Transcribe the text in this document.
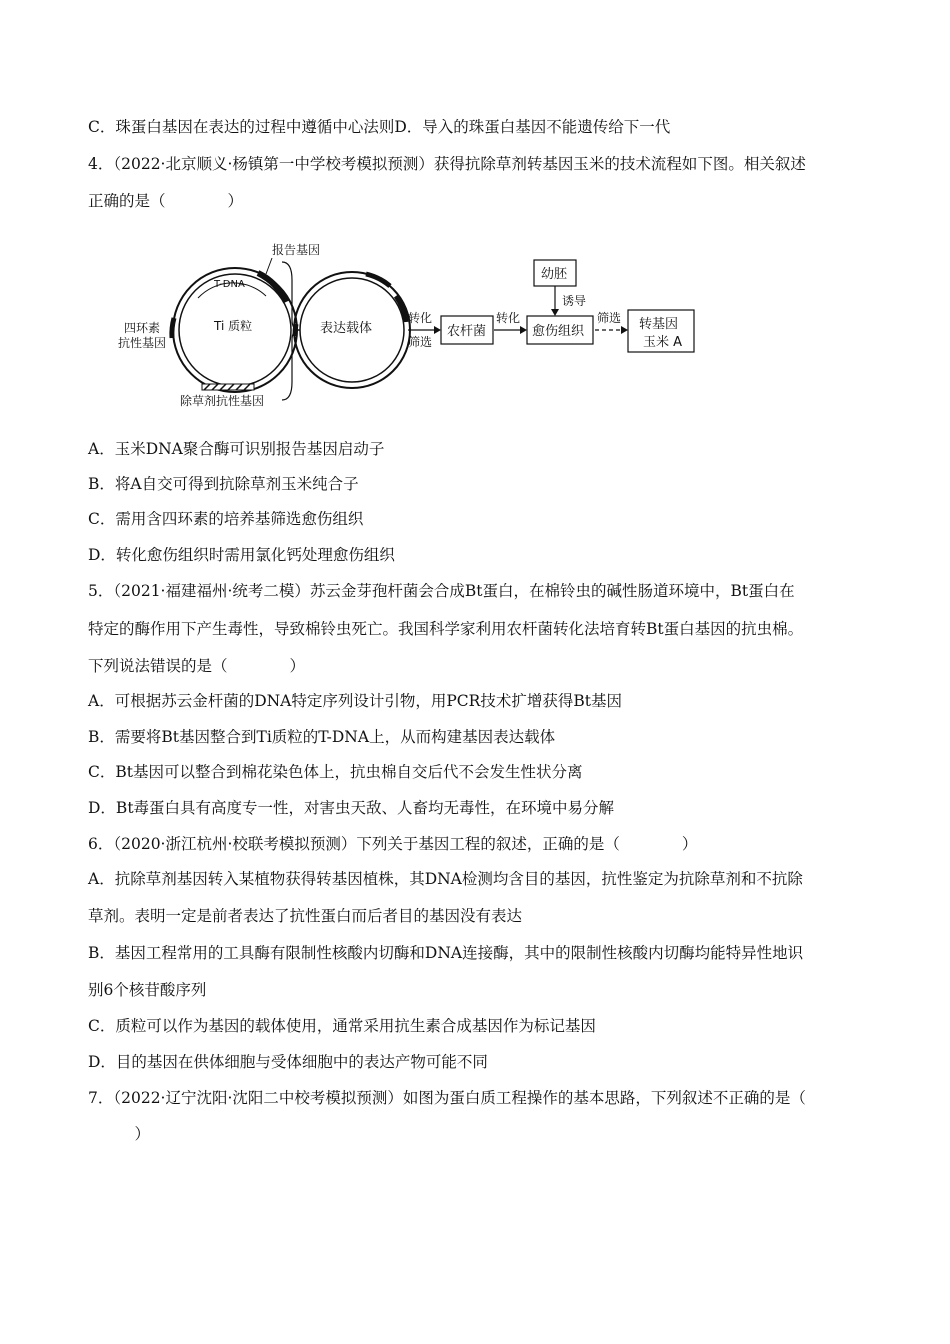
C．珠蛋白基因在表达的过程中遵循中心法则D．导入的珠蛋白基因不能遗传给下一代
4．（2022·北京顺义·杨镇第一中学校考模拟预测）获得抗除草剂转基因玉米的技术流程如下图。相关叙述
正确的是（　　　　）
报告基因
T-DNA
Ti 质粒
四环素
抗性基因
除草剂抗性基因
表达载体
转化
筛选
农杆菌
转化
幼胚
诱导
愈伤组织
筛选 转基因
玉米 A
A．玉米DNA聚合酶可识别报告基因启动子
B．将A自交可得到抗除草剂玉米纯合子
C．需用含四环素的培养基筛选愈伤组织
D．转化愈伤组织时需用氯化钙处理愈伤组织
5．（2021·福建福州·统考二模）苏云金芽孢杆菌会合成Bt蛋白，在棉铃虫的碱性肠道环境中，Bt蛋白在
特定的酶作用下产生毒性，导致棉铃虫死亡。我国科学家利用农杆菌转化法培育转Bt蛋白基因的抗虫棉。
下列说法错误的是（　　　　）
A．可根据苏云金杆菌的DNA特定序列设计引物，用PCR技术扩增获得Bt基因
B．需要将Bt基因整合到Ti质粒的T-DNA上，从而构建基因表达载体
C．Bt基因可以整合到棉花染色体上，抗虫棉自交后代不会发生性状分离
D．Bt毒蛋白具有高度专一性，对害虫天敌、人畜均无毒性，在环境中易分解
6．（2020·浙江杭州·校联考模拟预测）下列关于基因工程的叙述，正确的是（　　　　）
A．抗除草剂基因转入某植物获得转基因植株，其DNA检测均含目的基因，抗性鉴定为抗除草剂和不抗除
草剂。表明一定是前者表达了抗性蛋白而后者目的基因没有表达
B．基因工程常用的工具酶有限制性核酸内切酶和DNA连接酶，其中的限制性核酸内切酶均能特异性地识
别6个核苷酸序列
C．质粒可以作为基因的载体使用，通常采用抗生素合成基因作为标记基因
D．目的基因在供体细胞与受体细胞中的表达产物可能不同
7．（2022·辽宁沈阳·沈阳二中校考模拟预测）如图为蛋白质工程操作的基本思路，下列叙述不正确的是（
　　　）
